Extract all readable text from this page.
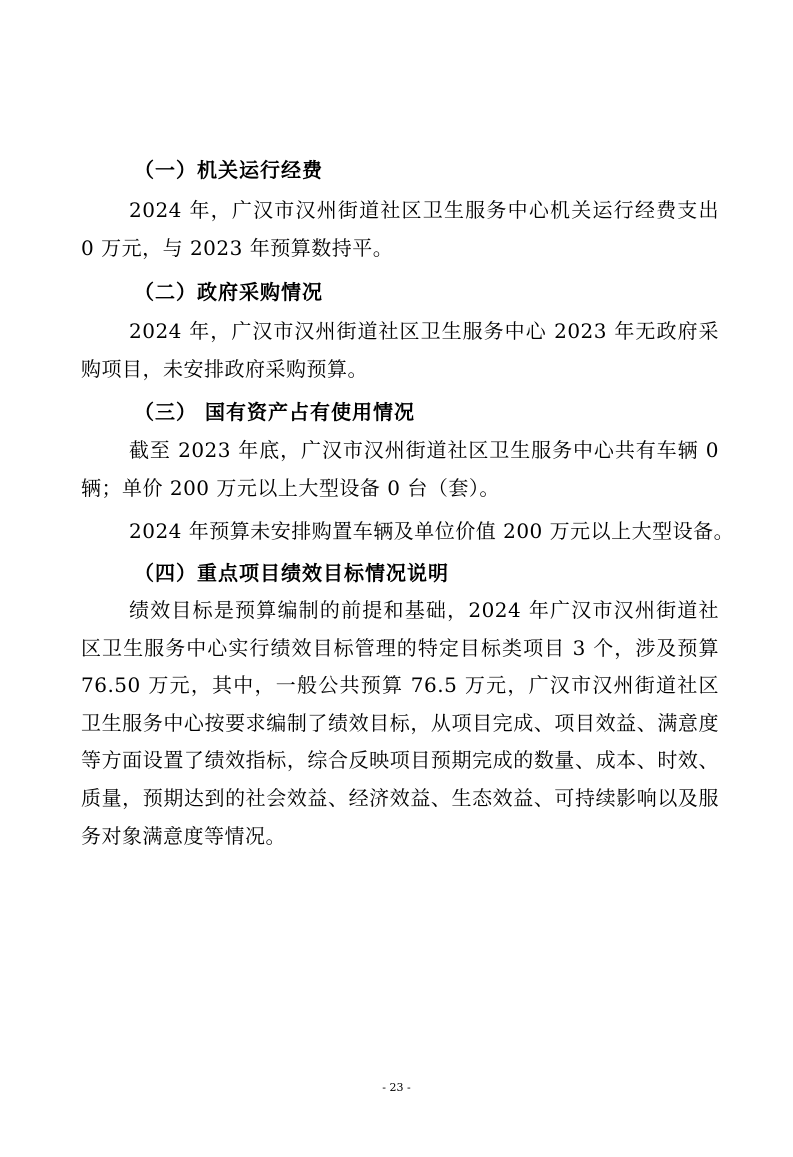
（一）机关运行经费
2024 年，广汉市汉州街道社区卫生服务中心机关运行经费支出 0 万元，与 2023 年预算数持平。
（二）政府采购情况
2024 年，广汉市汉州街道社区卫生服务中心 2023 年无政府采购项目，未安排政府采购预算。
（三） 国有资产占有使用情况
截至 2023 年底，广汉市汉州街道社区卫生服务中心共有车辆 0 辆；单价 200 万元以上大型设备 0 台（套）。
2024 年预算未安排购置车辆及单位价值 200 万元以上大型设备。
（四）重点项目绩效目标情况说明
绩效目标是预算编制的前提和基础，2024 年广汉市汉州街道社区卫生服务中心实行绩效目标管理的特定目标类项目 3 个，涉及预算 76.50 万元，其中，一般公共预算 76.5 万元，广汉市汉州街道社区卫生服务中心按要求编制了绩效目标，从项目完成、项目效益、满意度等方面设置了绩效指标，综合反映项目预期完成的数量、成本、时效、质量，预期达到的社会效益、经济效益、生态效益、可持续影响以及服务对象满意度等情况。
- 23 -
